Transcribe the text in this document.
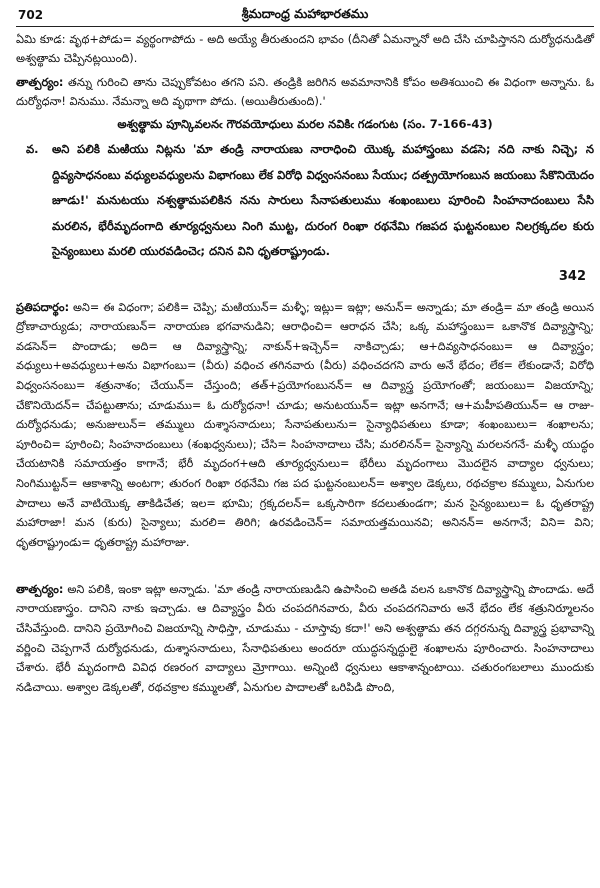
702	శ్రీమదాంధ్ర మహాభారతము

ఏమి కూడ: వృథ+పోడు= వ్యర్థంగాపోదు - అది అయ్యే తీరుతుందని భావం (దీనితో ఏమన్నానో అది చేసి చూపిస్తానని దుర్యోధనుడితో అశ్వత్థామ చెప్పినట్లయింది).

తాత్పర్యం: తన్ను గురించి తాను చెప్పుకోవటం తగని పని. తండ్రికి జరిగిన అవమానానికి కోపం అతిశయించి ఈ విధంగా అన్నాను. ఓ దుర్యోధనా! వినుము. నేమన్నా అది వృథాగా పోదు. (అయితీరుతుంది).'

అశ్వత్థామ పూన్కివలనఁ గౌరవయోధులు మరల నవికిఁ గడంగుట (సం. 7-166-43)
వ.	అని పలికి మఱియు నిట్లను 'మా తండ్రి నారాయణు నారాధించి యొక్క మహాస్త్రంబు వడసె; నది నాకు నిచ్చె; న ద్దివ్యసాధనంబు వధ్యులవధ్యులను విభాగంబు లేక విరోధి విధ్వంసనంబు సేయుఁ; దత్ప్రయోగంబున జయంబు సేకొనియెదం జూడు!' మనుటయు నశ్వత్థామపలికిన నను సారులు సేనాపతులుము శంఖంబులు పూరించి సింహనాదంబులు సేసి మరలిన, భేరీమృదంగాది తూర్యధ్వనులు నింగి ముట్ట, దురంగ రింఖా రథనేమి గజపద ఘట్టనంబుల నిలగ్రక్కదల కురు సైన్యంబులు మరలి యురవడించెఁ; దనిన విని ధృతరాష్ట్రుండు.
342

ప్రతిపదార్థం: అని= ఈ విధంగా; పలికి= చెప్పి; మఱియున్= మళ్ళీ; ఇట్లు= ఇట్లా; అనున్= అన్నాడు; మా తండ్రి= మా తండ్రి అయిన ద్రోణాచార్యుడు; నారాయణున్= నారాయణ భగవానుడిని; ఆరాధించి= ఆరాధన చేసి; ఒక్క మహాస్త్రంబు= ఒకానొక దివ్యాస్త్రాన్ని; వడసెన్= పొందాడు; అది= ఆ దివ్యాస్త్రాన్ని; నాకున్+ఇచ్చెన్= నాకిచ్చాడు; ఆ+దివ్యసాధనంబు= ఆ దివ్యాస్త్రం; వధ్యులు+అవధ్యులు+అను విభాగంబు= (వీరు) వధించ తగినవారు (వీరు) వధించదగని వారు అనే భేదం; లేక= లేకుండానే; విరోధి విధ్వంసనంబు= శత్రునాశం; చేయున్= చేస్తుంది; తత్+ప్రయోగంబునన్= ఆ దివ్యాస్త్ర ప్రయోగంతో; జయంబు= విజయాన్ని; చేకొనియెదన్= చేపట్టుతాను; చూడుము= ఓ దుర్యోధనా! చూడు; అనుటయున్= ఇట్లా అనగానే; ఆ+మహీపతియున్= ఆ రాజు- దుర్యోధనుడు; అనుజులున్= తమ్ములు దుశ్శాసనాదులు; సేనాపతులును= సైన్యాధిపతులు కూడా; శంఖంబులు= శంఖాలను; పూరించి= పూరించి; సింహనాదంబులు (శంఖధ్వనులు); చేసి= సింహనాదాలు చేసి; మరలినన్= సైన్యాన్ని మరలనగనే- మళ్ళీ యుద్ధం చేయటానికి సమాయత్తం కాగానే; భేరీ మృదంగ+ఆది తూర్యధ్వనులు= భేరీలు మృదంగాలు మొదలైన వాద్యాల ధ్వనులు; నింగిముట్టన్= ఆకాశాన్ని అంటగా; తురంగ రింఖా రథనేమి గజ పద ఘట్టనంబులన్= అశ్వాల డెక్కలు, రథచక్రాల కమ్ములు, ఏనుగుల పాదాలు అనే వాటియొక్క తాకిడిచేత; ఇల= భూమి; గ్రక్కదలన్= ఒక్కసారిగా కదలుతుండగా; మన సైన్యంబులు= ఓ ధృతరాష్ట్ర మహారాజా! మన (కురు) సైన్యాలు; మరలి= తిరిగి; ఉరవడించెన్= సమాయత్తమయినవి; అనినన్= అనగానే; విని= విని; ధృతరాష్ట్రుండు= ధృతరాష్ట్ర మహారాజు.

తాత్పర్యం: అని పలికి, ఇంకా ఇట్లా అన్నాడు. 'మా తండ్రి నారాయణుడిని ఉపాసించి అతడి వలన ఒకానొక దివ్యాస్త్రాన్ని పొందాడు. అదే నారాయణాస్త్రం. దానిని నాకు ఇచ్చాడు. ఆ దివ్యాస్త్రం వీరు చంపదగినవారు, వీరు చంపదగనివారు అనే భేదం లేక శత్రునిర్మూలనం చేసివేస్తుంది. దానిని ప్రయోగించి విజయాన్ని సాధిస్తా, చూడుము - చూస్తావు కదా!' అని అశ్వత్థామ తన దగ్గరనున్న దివ్యాస్త్ర ప్రభావాన్ని వర్ణించి చెప్పగానే దుర్యోధనుడు, దుశ్శాసనాదులు, సేనాధిపతులు అందరూ యుద్ధసన్నద్ధులై శంఖాలను పూరించారు. సింహనాదాలు చేశారు. భేరీ మృదంగాది వివిధ రణరంగ వాద్యాలు మ్రోగాయి. అన్నింటి ధ్వనులు ఆకాశాన్నంటాయి. చతురంగబలాలు ముందుకు నడిచాయి. అశ్వాల డెక్కలతో, రథచక్రాల కమ్ములతో, ఏనుగుల పాదాలతో ఒరిపిడి పొంది,
